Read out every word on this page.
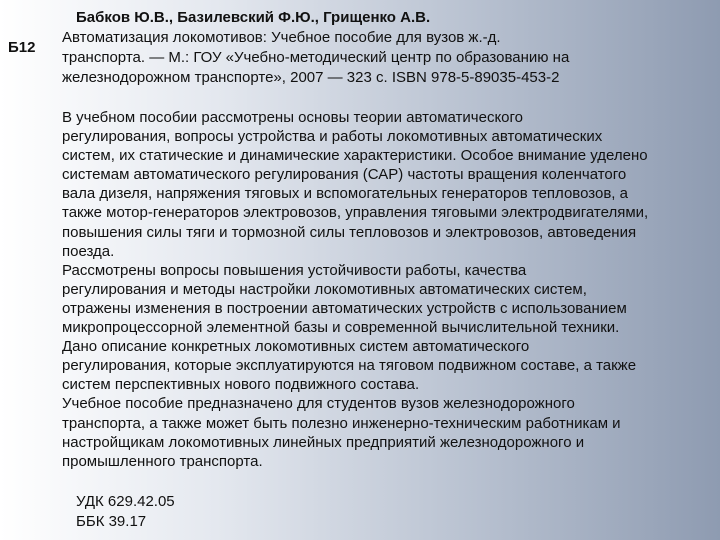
Б12
Бабков Ю.В., Базилевский Ф.Ю., Грищенко А.В.
Автоматизация локомотивов: Учебное пособие для вузов ж.-д.
транспорта. — М.: ГОУ «Учебно-методический центр по образованию на
железнодорожном транспорте», 2007 — 323 с. ISBN 978-5-89035-453-2
В учебном пособии рассмотрены основы теории автоматического
регулирования, вопросы устройства и работы локомотивных автоматических
систем, их статические и динамические характеристики. Особое внимание уделено
системам автоматического регулирования (САР) частоты вращения коленчатого
вала дизеля, напряжения тяговых и вспомогательных генераторов тепловозов, а
также мотор-генераторов электровозов, управления тяговыми электродвигателями,
повышения силы тяги и тормозной силы тепловозов и электровозов, автоведения
поезда.
Рассмотрены вопросы повышения устойчивости работы, качества
регулирования и методы настройки локомотивных автоматических систем,
отражены изменения в построении автоматических устройств с использованием
микропроцессорной элементной базы и современной вычислительной техники.
Дано описание конкретных локомотивных систем автоматического
регулирования, которые эксплуатируются на тяговом подвижном составе, а также
систем перспективных нового подвижного состава.
Учебное пособие предназначено для студентов вузов железнодорожного
транспорта, а также может быть полезно инженерно-техническим работникам и
настройщикам локомотивных линейных предприятий железнодорожного и
промышленного транспорта.
УДК 629.42.05
ББК 39.17
